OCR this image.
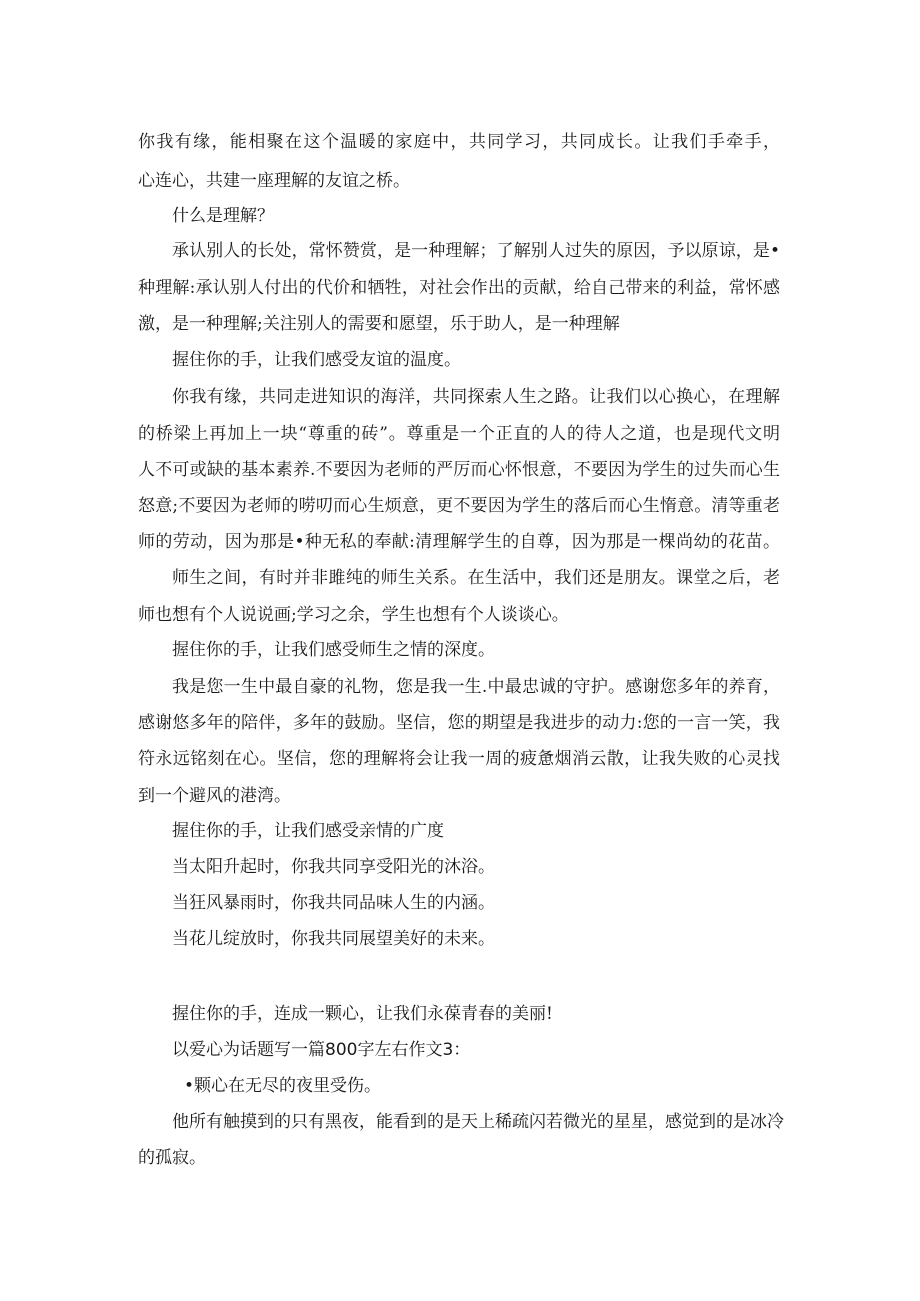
你我有缘，能相聚在这个温暖的家庭中，共同学习，共同成长。让我们手牵手，
心连心，共建一座理解的友谊之桥。
什么是理解？
承认别人的长处，常怀赞赏，是一种理解；了解别人过失的原因，予以原谅，是•
种理解:承认别人付出的代价和牺牲，对社会作出的贡献，给自己带来的利益，常怀感
激，是一种理解;关注别人的需要和愿望，乐于助人，是一种理解
握住你的手，让我们感受友谊的温度。
你我有缘，共同走进知识的海洋，共同探索人生之路。让我们以心换心，在理解
的桥梁上再加上一块“尊重的砖”。尊重是一个正直的人的待人之道，也是现代文明
人不可或缺的基本素养.不要因为老师的严厉而心怀恨意，不要因为学生的过失而心生
怒意;不要因为老师的唠叨而心生烦意，更不要因为学生的落后而心生惰意。清等重老
师的劳动，因为那是•种无私的奉献:清理解学生的自尊，因为那是一棵尚幼的花苗。
师生之间，有时并非雎纯的师生关系。在生活中，我们还是朋友。课堂之后，老
师也想有个人说说画;学习之余，学生也想有个人谈谈心。
握住你的手，让我们感受师生之情的深度。
我是您一生中最自豪的礼物，您是我一生.中最忠诚的守护。感谢您多年的养育，
感谢悠多年的陪伴，多年的鼓励。坚信，您的期望是我进步的动力:您的一言一笑，我
符永远铭刻在心。坚信，您的理解将会让我一周的疲惫烟消云散，让我失败的心灵找
到一个避风的港湾。
握住你的手，让我们感受亲情的广度
当太阳升起时，你我共同享受阳光的沐浴。
当狂风暴雨时，你我共同品味人生的内涵。
当花儿绽放时，你我共同展望美好的未来。
握住你的手，连成一颗心，让我们永葆青春的美丽!
以爱心为话题写一篇800字左右作文3：
•颗心在无尽的夜里受伤。
他所有触摸到的只有黑夜，能看到的是天上稀疏闪若微光的星星，感觉到的是冰冷
的孤寂。
